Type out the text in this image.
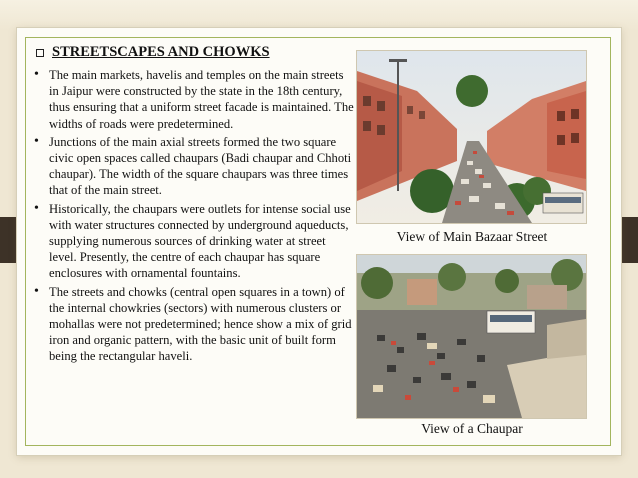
STREETSCAPES AND CHOWKS
• The main markets, havelis and temples on the main streets in Jaipur were constructed by the state in the 18th century, thus ensuring that a uniform street facade is maintained. The widths of roads were predetermined.
• Junctions of the main axial streets formed the two square civic open spaces called chaupars (Badi chaupar and Chhoti chaupar). The width of the square chaupars was three times that of the main street.
• Historically, the chaupars were outlets for intense social use with water structures connected by underground aqueducts, supplying numerous sources of drinking water at street level. Presently, the centre of each chaupar has square enclosures with ornamental fountains.
• The streets and chowks (central open squares in a town) of the internal chowkries (sectors) with numerous clusters or mohallas were not predetermined; hence show a mix of grid iron and organic pattern, with the basic unit of built form being the rectangular haveli.
View of Main Bazaar Street
View of a Chaupar
